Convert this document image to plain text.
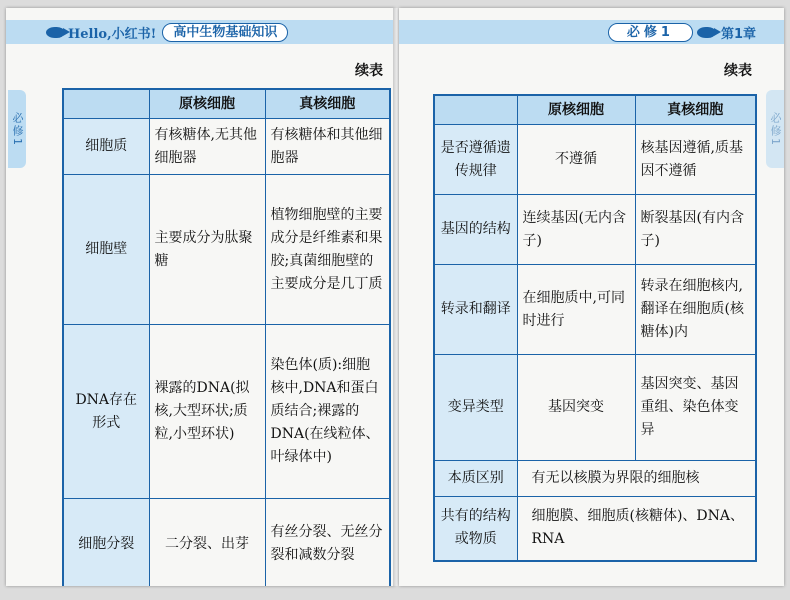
Hello,小红书!	高中生物基础知识
必修1
续表
	原核细胞	真核细胞
细胞质	有核糖体,无其他细胞器	有核糖体和其他细胞器
细胞壁	主要成分为肽聚糖	植物细胞壁的主要成分是纤维素和果胶;真菌细胞壁的主要成分是几丁质
DNA存在形式	裸露的DNA(拟核,大型环状;质粒,小型环状)	染色体(质):细胞核中,DNA和蛋白质结合;裸露的DNA(在线粒体、叶绿体中)
细胞分裂	二分裂、出芽	有丝分裂、无丝分裂和减数分裂
必修1	第1章
必修1
续表
	原核细胞	真核细胞
是否遵循遗传规律	不遵循	核基因遵循,质基因不遵循
基因的结构	连续基因(无内含子)	断裂基因(有内含子)
转录和翻译	在细胞质中,可同时进行	转录在细胞核内,翻译在细胞质(核糖体)内
变异类型	基因突变	基因突变、基因重组、染色体变异
本质区别	有无以核膜为界限的细胞核	
共有的结构或物质	细胞膜、细胞质(核糖体)、DNA、RNA	
